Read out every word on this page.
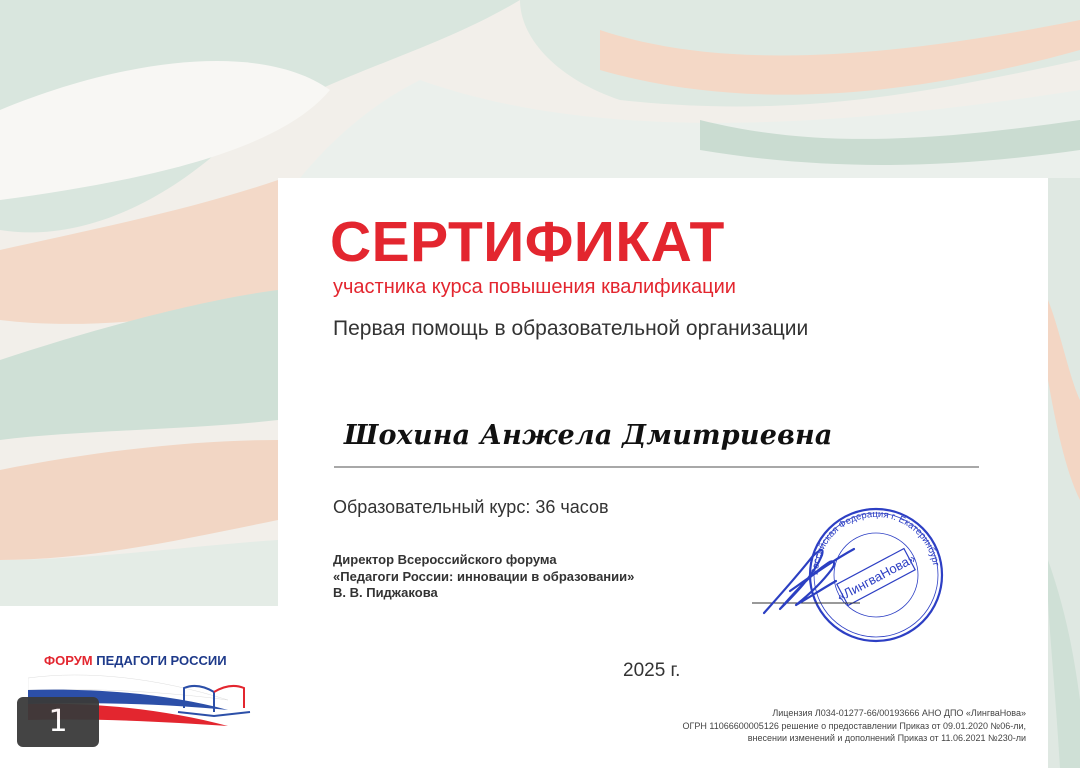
СЕРТИФИКАТ
участника курса повышения квалификации
Первая помощь в образовательной организации
Шохина Анжела Дмитриевна
Образовательный курс: 36 часов
Директор Всероссийского форума
«Педагоги России: инновации в образовании»
В. В. Пиджакова
Российская Федерация г. Екатеринбург
«ЛингваНова»
2025 г.
Лицензия Л034-01277-66/00193666 АНО ДПО «ЛингваНова»
ОГРН 11066600005126 решение о предоставлении Приказ от 09.01.2020 №06-ли,
внесении изменений и дополнений Приказ от 11.06.2021 №230-ли
ФОРУМ ПЕДАГОГИ РОССИИ
1
